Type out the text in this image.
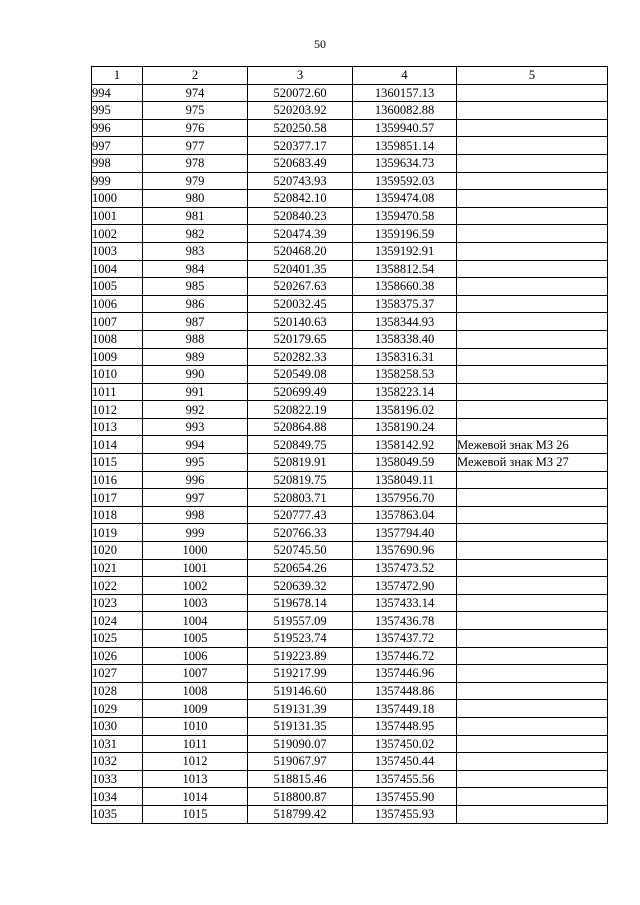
50
1	2	3	4	5
994	974	520072.60	1360157.13	
995	975	520203.92	1360082.88	
996	976	520250.58	1359940.57	
997	977	520377.17	1359851.14	
998	978	520683.49	1359634.73	
999	979	520743.93	1359592.03	
1000	980	520842.10	1359474.08	
1001	981	520840.23	1359470.58	
1002	982	520474.39	1359196.59	
1003	983	520468.20	1359192.91	
1004	984	520401.35	1358812.54	
1005	985	520267.63	1358660.38	
1006	986	520032.45	1358375.37	
1007	987	520140.63	1358344.93	
1008	988	520179.65	1358338.40	
1009	989	520282.33	1358316.31	
1010	990	520549.08	1358258.53	
1011	991	520699.49	1358223.14	
1012	992	520822.19	1358196.02	
1013	993	520864.88	1358190.24	
1014	994	520849.75	1358142.92	Межевой знак МЗ 26
1015	995	520819.91	1358049.59	Межевой знак МЗ 27
1016	996	520819.75	1358049.11	
1017	997	520803.71	1357956.70	
1018	998	520777.43	1357863.04	
1019	999	520766.33	1357794.40	
1020	1000	520745.50	1357690.96	
1021	1001	520654.26	1357473.52	
1022	1002	520639.32	1357472.90	
1023	1003	519678.14	1357433.14	
1024	1004	519557.09	1357436.78	
1025	1005	519523.74	1357437.72	
1026	1006	519223.89	1357446.72	
1027	1007	519217.99	1357446.96	
1028	1008	519146.60	1357448.86	
1029	1009	519131.39	1357449.18	
1030	1010	519131.35	1357448.95	
1031	1011	519090.07	1357450.02	
1032	1012	519067.97	1357450.44	
1033	1013	518815.46	1357455.56	
1034	1014	518800.87	1357455.90	
1035	1015	518799.42	1357455.93	
